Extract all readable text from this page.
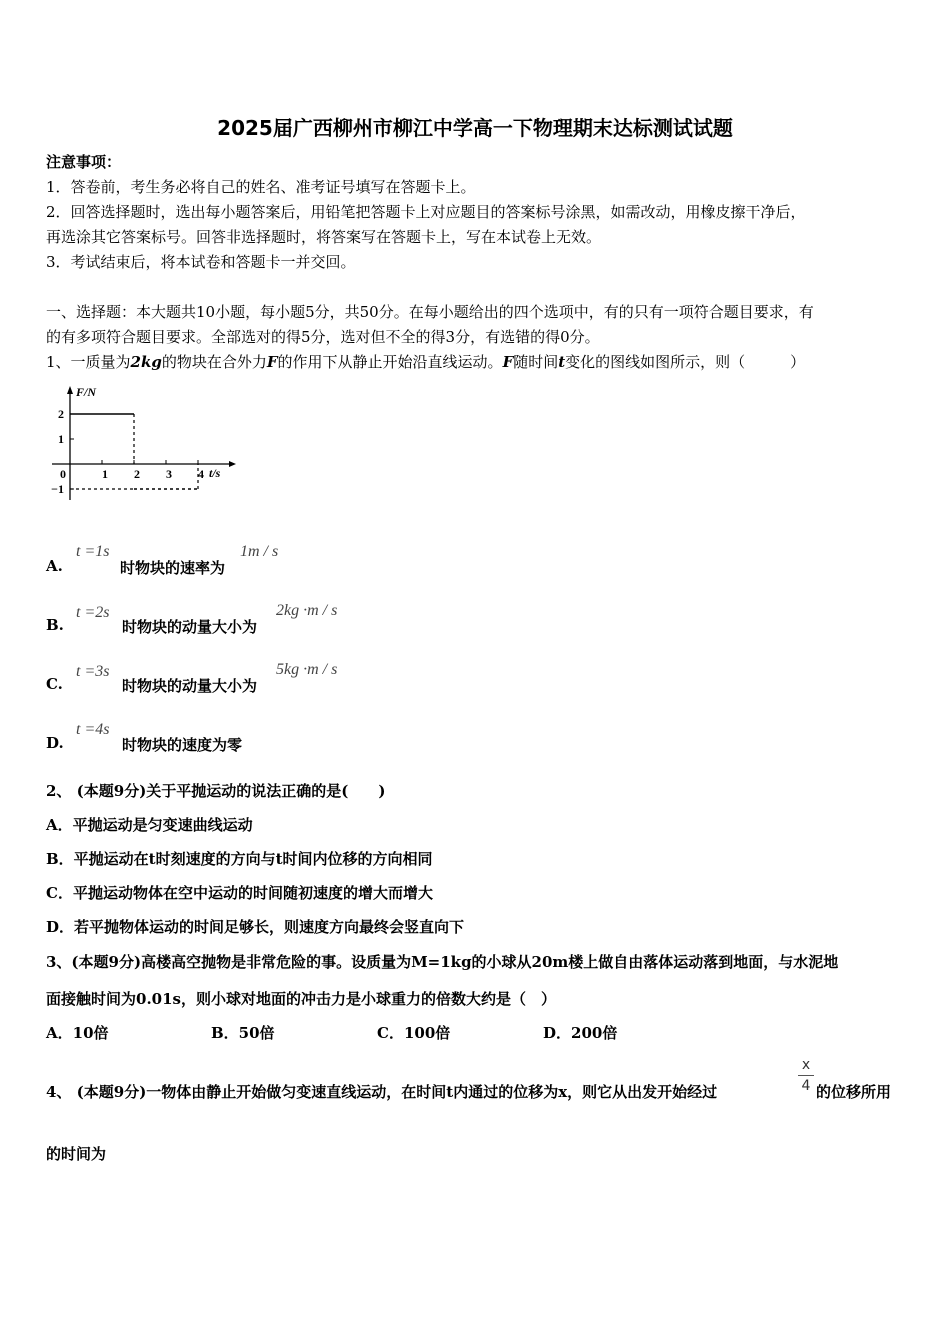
2025届广西柳州市柳江中学高一下物理期末达标测试试题
注意事项：
1．答卷前，考生务必将自己的姓名、准考证号填写在答题卡上。
2．回答选择题时，选出每小题答案后，用铅笔把答题卡上对应题目的答案标号涂黑，如需改动，用橡皮擦干净后，
再选涂其它答案标号。回答非选择题时，将答案写在答题卡上，写在本试卷上无效。
3．考试结束后，将本试卷和答题卡一并交回。
一、选择题：本大题共10小题，每小题5分，共50分。在每小题给出的四个选项中，有的只有一项符合题目要求，有
的有多项符合题目要求。全部选对的得5分，选对但不全的得3分，有选错的得0分。
1、一质量为2kg的物块在合外力F的作用下从静止开始沿直线运动。F随时间t变化的图线如图所示，则（　　　）
F/N
t/s
2
1
−1
0	1 2 3 4
A.
t =1s
时物块的速率为
1m / s
B.
t =2s
时物块的动量大小为
2kg ·m / s
C.
t =3s
时物块的动量大小为
5kg ·m / s
D.
t =4s
时物块的速度为零
2、 (本题9分)关于平抛运动的说法正确的是(　　)
A．平抛运动是匀变速曲线运动
B．平抛运动在t时刻速度的方向与t时间内位移的方向相同
C．平抛运动物体在空中运动的时间随初速度的增大而增大
D．若平抛物体运动的时间足够长，则速度方向最终会竖直向下
3、(本题9分)高楼高空抛物是非常危险的事。设质量为M=1kg的小球从20m楼上做自由落体运动落到地面，与水泥地
面接触时间为0.01s，则小球对地面的冲击力是小球重力的倍数大约是（　）
A．10倍	B．50倍	C．100倍	D．200倍
4、 (本题9分)一物体由静止开始做匀变速直线运动，在时间t内通过的位移为x，则它从出发开始经过
x
4 的位移所用
的时间为
